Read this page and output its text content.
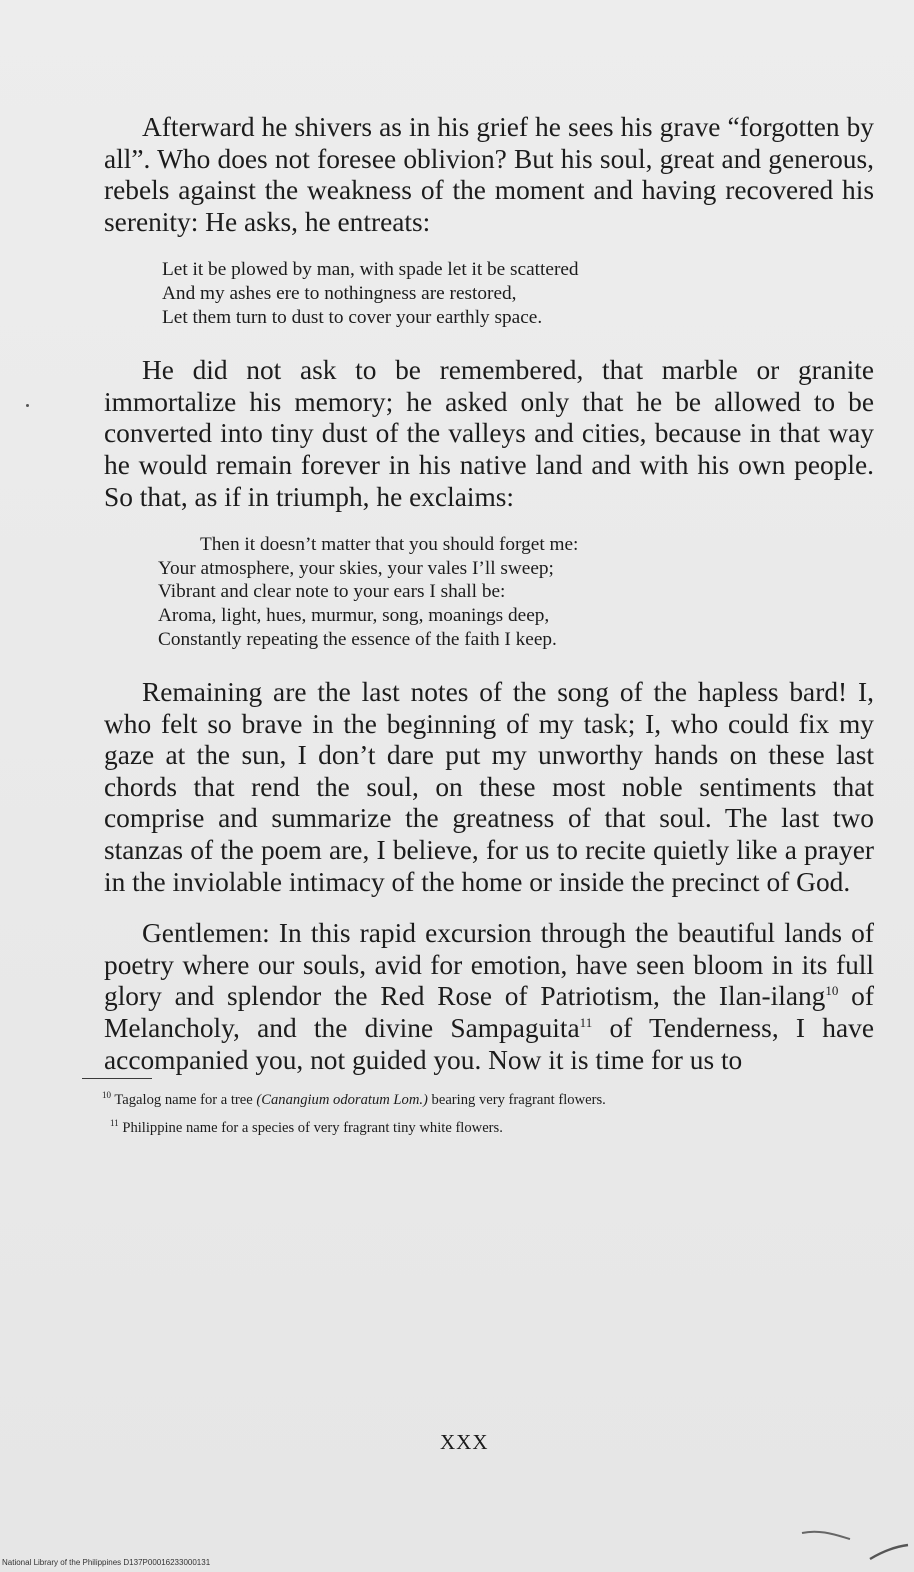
Afterward he shivers as in his grief he sees his grave “forgotten by all”. Who does not foresee oblivion? But his soul, great and generous, rebels against the weakness of the moment and having recovered his serenity: He asks, he entreats:

Let it be plowed by man, with spade let it be scattered
And my ashes ere to nothingness are restored,
Let them turn to dust to cover your earthly space.

He did not ask to be remembered, that marble or granite immortalize his memory; he asked only that he be allowed to be converted into tiny dust of the valleys and cities, because in that way he would remain forever in his native land and with his own people. So that, as if in triumph, he exclaims:

Then it doesn’t matter that you should forget me:
Your atmosphere, your skies, your vales I’ll sweep;
Vibrant and clear note to your ears I shall be:
Aroma, light, hues, murmur, song, moanings deep,
Constantly repeating the essence of the faith I keep.

Remaining are the last notes of the song of the hapless bard! I, who felt so brave in the beginning of my task; I, who could fix my gaze at the sun, I don’t dare put my unworthy hands on these last chords that rend the soul, on these most noble sentiments that comprise and summarize the greatness of that soul. The last two stanzas of the poem are, I believe, for us to recite quietly like a prayer in the inviolable intimacy of the home or inside the precinct of God.

Gentlemen: In this rapid excursion through the beautiful lands of poetry where our souls, avid for emotion, have seen bloom in its full glory and splendor the Red Rose of Patriotism, the Ilan-ilang$^{10}$ of Melancholy, and the divine Sampaguita$^{11}$ of Tenderness, I have accompanied you, not guided you. Now it is time for us to

$^{10}$ Tagalog name for a tree (Canangium odoratum Lom.) bearing very fragrant flowers.

$^{11}$ Philippine name for a species of very fragrant tiny white flowers.

XXX
National Library of the Philippines D137P00016233000131
